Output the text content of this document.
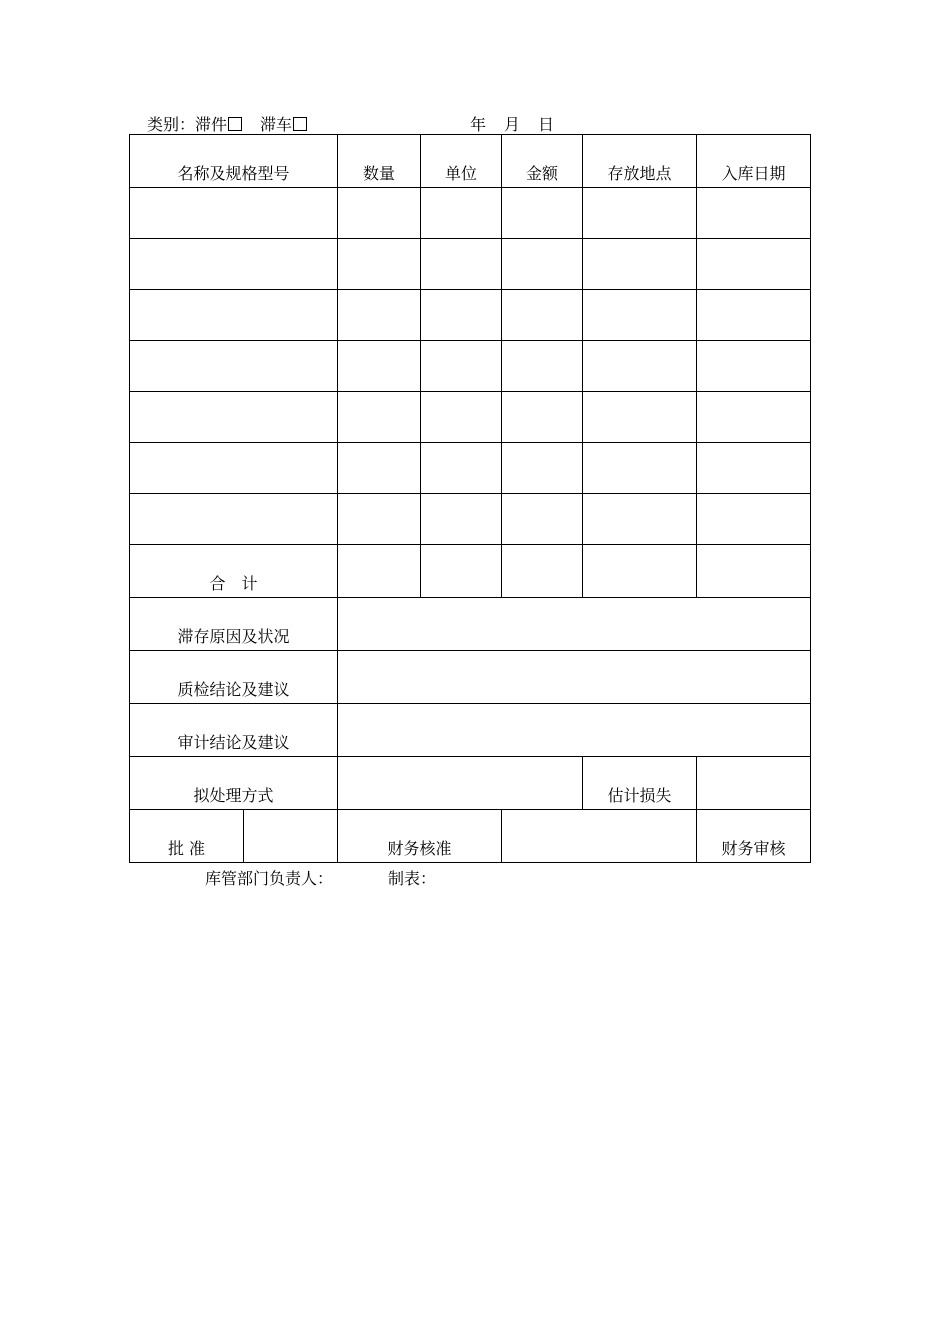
类别：滞件 滞车	年 月 日
名称及规格型号		数量	单位	金额	存放地点	入库日期	

合　计							
滞存原因及状况							
质检结论及建议							
审计结论及建议							
拟处理方式					估计损失		
批 准		财务核准				财务审核	
库管部门负责人：	制表：
